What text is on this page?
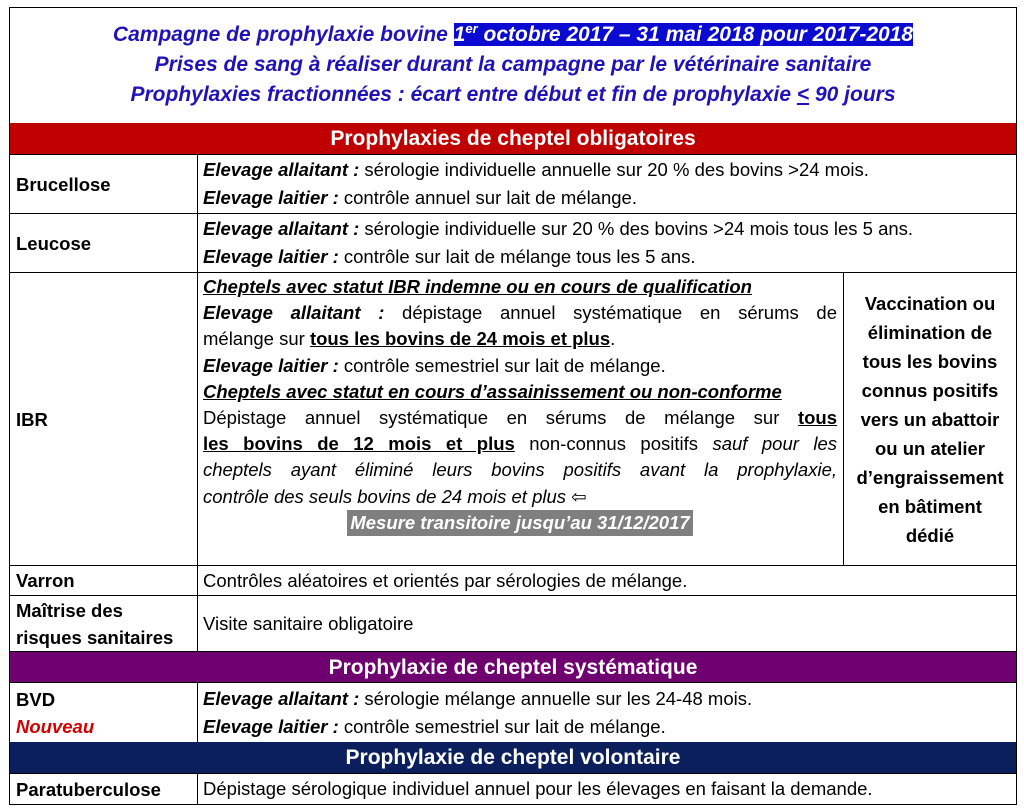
Campagne de prophylaxie bovine 1er octobre 2017 – 31 mai 2018 pour 2017-2018
Prises de sang à réaliser durant la campagne par le vétérinaire sanitaire
Prophylaxies fractionnées : écart entre début et fin de prophylaxie < 90 jours
Prophylaxies de cheptel obligatoires
Brucellose
Elevage allaitant : sérologie individuelle annuelle sur 20 % des bovins >24 mois.
Elevage laitier : contrôle annuel sur lait de mélange.
Leucose
Elevage allaitant : sérologie individuelle sur 20 % des bovins >24 mois tous les 5 ans.
Elevage laitier : contrôle sur lait de mélange tous les 5 ans.
IBR
Cheptels avec statut IBR indemne ou en cours de qualification
Elevage allaitant : dépistage annuel systématique en sérums de
mélange sur tous les bovins de 24 mois et plus.
Elevage laitier : contrôle semestriel sur lait de mélange.
Cheptels avec statut en cours d’assainissement ou non-conforme
Dépistage annuel systématique en sérums de mélange sur tous
les bovins de 12 mois et plus non-connus positifs sauf pour les
cheptels ayant éliminé leurs bovins positifs avant la prophylaxie,
contrôle des seuls bovins de 24 mois et plus ⇦
Mesure transitoire jusqu’au 31/12/2017
Vaccination ou
élimination de
tous les bovins
connus positifs
vers un abattoir
ou un atelier
d’engraissement
en bâtiment
dédié
Varron	Contrôles aléatoires et orientés par sérologies de mélange.
Maîtrise des
risques sanitaires
Visite sanitaire obligatoire
Prophylaxie de cheptel systématique
BVD
Nouveau
Elevage allaitant : sérologie mélange annuelle sur les 24-48 mois.
Elevage laitier : contrôle semestriel sur lait de mélange.
Prophylaxie de cheptel volontaire
Paratuberculose	Dépistage sérologique individuel annuel pour les élevages en faisant la demande.
